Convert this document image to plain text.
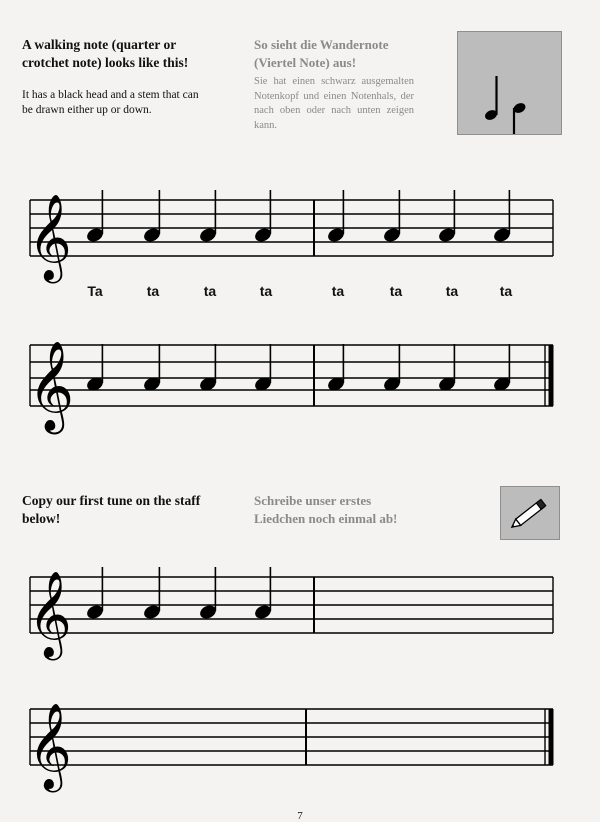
A walking note (quarter or crotchet note) looks like this!
It has a black head and a stem that can be drawn either up or down.
So sieht die Wandernote (Viertel Note) aus!
Sie hat einen schwarz ausgemalten Notenkopf und einen Notenhals, der nach oben oder nach unten zeigen kann.
𝄞
Ta	ta	ta	ta	ta	ta	ta	ta
𝄞
Copy our first tune on the staff below!
Schreibe unser erstes Liedchen noch einmal ab!
𝄞
𝄞
7
